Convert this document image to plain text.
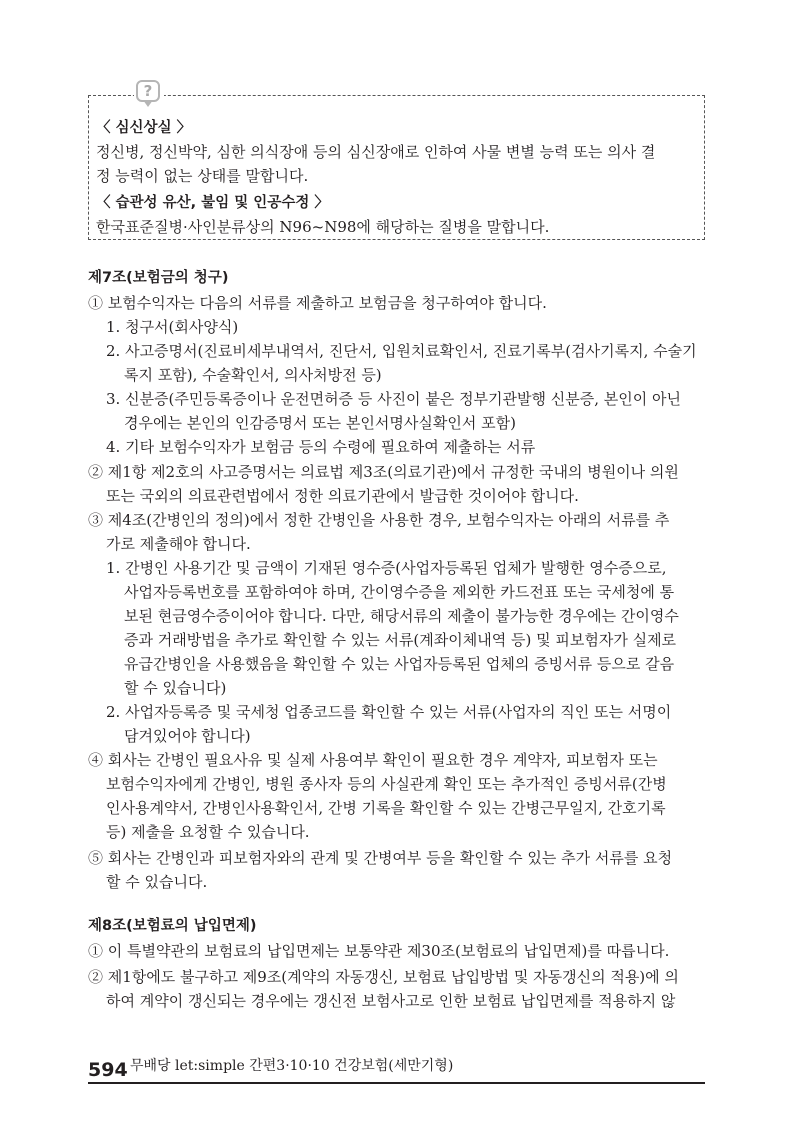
?
〈 심신상실 〉
정신병, 정신박약, 심한 의식장애 등의 심신장애로 인하여 사물 변별 능력 또는 의사 결
정 능력이 없는 상태를 말합니다.
〈 습관성 유산, 불임 및 인공수정 〉
한국표준질병·사인분류상의 N96~N98에 해당하는 질병을 말합니다.
제7조(보험금의 청구)
① 보험수익자는 다음의 서류를 제출하고 보험금을 청구하여야 합니다.
1. 청구서(회사양식)
2. 사고증명서(진료비세부내역서, 진단서, 입원치료확인서, 진료기록부(검사기록지, 수술기
록지 포함), 수술확인서, 의사처방전 등)
3. 신분증(주민등록증이나 운전면허증 등 사진이 붙은 정부기관발행 신분증, 본인이 아닌
경우에는 본인의 인감증명서 또는 본인서명사실확인서 포함)
4. 기타 보험수익자가 보험금 등의 수령에 필요하여 제출하는 서류
② 제1항 제2호의 사고증명서는 의료법 제3조(의료기관)에서 규정한 국내의 병원이나 의원
또는 국외의 의료관련법에서 정한 의료기관에서 발급한 것이어야 합니다.
③ 제4조(간병인의 정의)에서 정한 간병인을 사용한 경우, 보험수익자는 아래의 서류를 추
가로 제출해야 합니다.
1. 간병인 사용기간 및 금액이 기재된 영수증(사업자등록된 업체가 발행한 영수증으로,
사업자등록번호를 포함하여야 하며, 간이영수증을 제외한 카드전표 또는 국세청에 통
보된 현금영수증이어야 합니다. 다만, 해당서류의 제출이 불가능한 경우에는 간이영수
증과 거래방법을 추가로 확인할 수 있는 서류(계좌이체내역 등) 및 피보험자가 실제로
유급간병인을 사용했음을 확인할 수 있는 사업자등록된 업체의 증빙서류 등으로 갈음
할 수 있습니다)
2. 사업자등록증 및 국세청 업종코드를 확인할 수 있는 서류(사업자의 직인 또는 서명이
담겨있어야 합니다)
④ 회사는 간병인 필요사유 및 실제 사용여부 확인이 필요한 경우 계약자, 피보험자 또는
보험수익자에게 간병인, 병원 종사자 등의 사실관계 확인 또는 추가적인 증빙서류(간병
인사용계약서, 간병인사용확인서, 간병 기록을 확인할 수 있는 간병근무일지, 간호기록
등) 제출을 요청할 수 있습니다.
⑤ 회사는 간병인과 피보험자와의 관계 및 간병여부 등을 확인할 수 있는 추가 서류를 요청
할 수 있습니다.
제8조(보험료의 납입면제)
① 이 특별약관의 보험료의 납입면제는 보통약관 제30조(보험료의 납입면제)를 따릅니다.
② 제1항에도 불구하고 제9조(계약의 자동갱신, 보험료 납입방법 및 자동갱신의 적용)에 의
하여 계약이 갱신되는 경우에는 갱신전 보험사고로 인한 보험료 납입면제를 적용하지 않
594 무배당 let:simple 간편3·10·10 건강보험(세만기형)
